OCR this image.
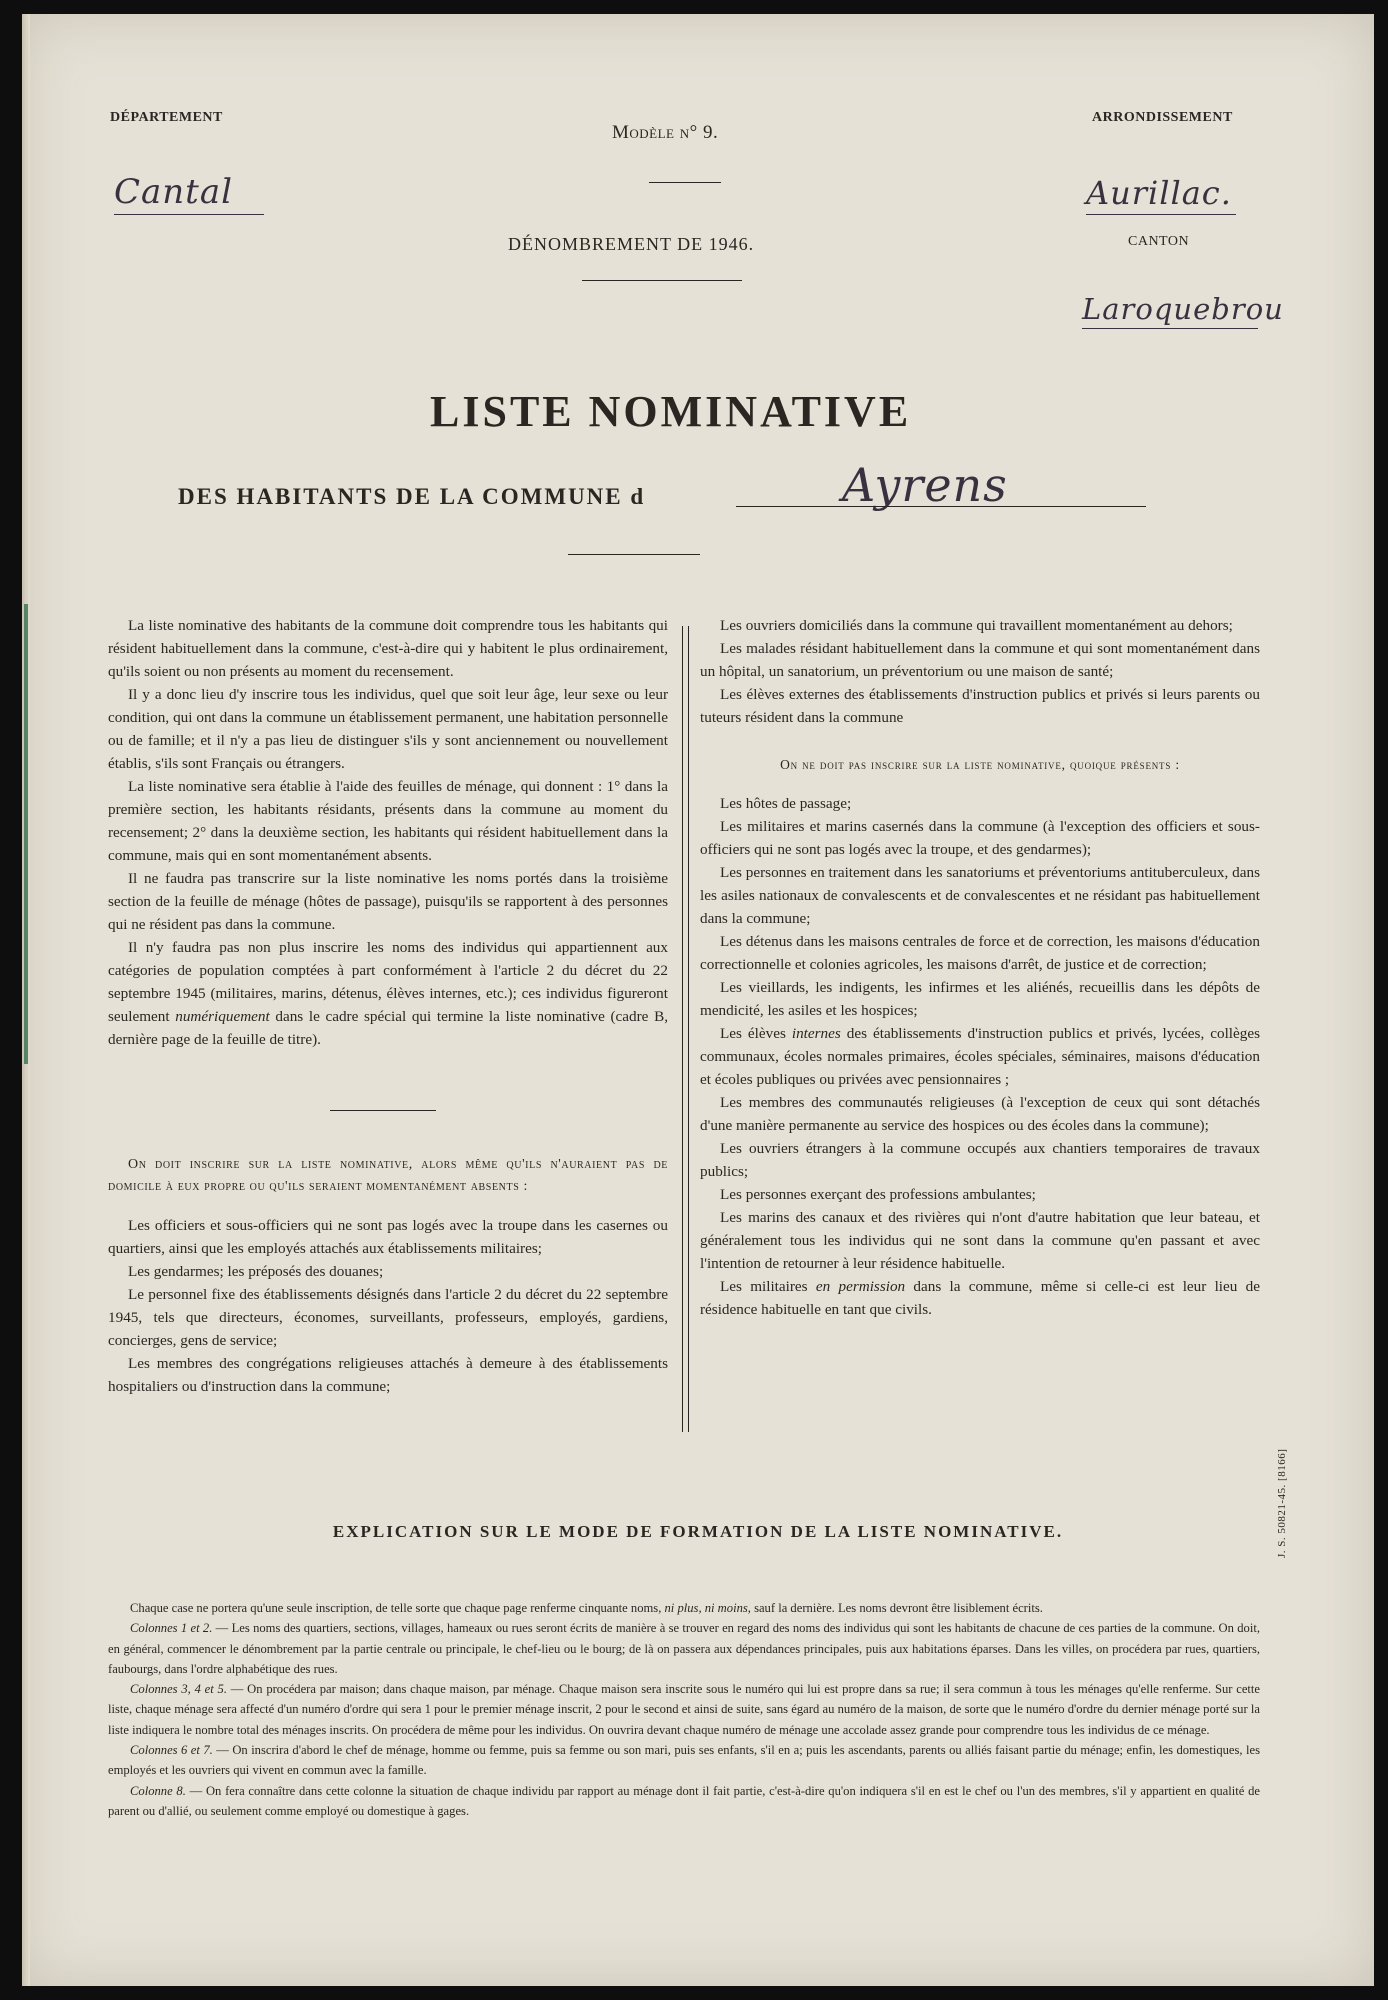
DÉPARTEMENT
Cantal
Modèle n° 9.
ARRONDISSEMENT
Aurillac.
DÉNOMBREMENT DE 1946.	CANTON
Laroquebrou
LISTE NOMINATIVE
DES HABITANTS DE LA COMMUNE d	Ayrens

La liste nominative des habitants de la commune doit comprendre tous les habitants qui résident habituellement dans la commune, c'est-à-dire qui y habitent le plus ordinairement, qu'ils soient ou non présents au moment du recensement.

Il y a donc lieu d'y inscrire tous les individus, quel que soit leur âge, leur sexe ou leur condition, qui ont dans la commune un établissement permanent, une habitation personnelle ou de famille; et il n'y a pas lieu de distinguer s'ils y sont anciennement ou nouvellement établis, s'ils sont Français ou étrangers.

La liste nominative sera établie à l'aide des feuilles de ménage, qui donnent : 1° dans la première section, les habitants résidants, présents dans la commune au moment du recensement; 2° dans la deuxième section, les habitants qui résident habituellement dans la commune, mais qui en sont momentanément absents.

Il ne faudra pas transcrire sur la liste nominative les noms portés dans la troisième section de la feuille de ménage (hôtes de passage), puisqu'ils se rapportent à des personnes qui ne résident pas dans la commune.

Il n'y faudra pas non plus inscrire les noms des individus qui appartiennent aux catégories de population comptées à part conformément à l'article 2 du décret du 22 septembre 1945 (militaires, marins, détenus, élèves internes, etc.); ces individus figureront seulement numériquement dans le cadre spécial qui termine la liste nominative (cadre B, dernière page de la feuille de titre).

On doit inscrire sur la liste nominative, alors même qu'ils n'auraient pas de domicile à eux propre ou qu'ils seraient momentanément absents :

Les officiers et sous-officiers qui ne sont pas logés avec la troupe dans les casernes ou quartiers, ainsi que les employés attachés aux établissements militaires;

Les gendarmes; les préposés des douanes;

Le personnel fixe des établissements désignés dans l'article 2 du décret du 22 septembre 1945, tels que directeurs, économes, surveillants, professeurs, employés, gardiens, concierges, gens de service;

Les membres des congrégations religieuses attachés à demeure à des établissements hospitaliers ou d'instruction dans la commune;

Les ouvriers domiciliés dans la commune qui travaillent momentanément au dehors;

Les malades résidant habituellement dans la commune et qui sont momentanément dans un hôpital, un sanatorium, un préventorium ou une maison de santé;

Les élèves externes des établissements d'instruction publics et privés si leurs parents ou tuteurs résident dans la commune

On ne doit pas inscrire sur la liste nominative, quoique présents :

Les hôtes de passage;

Les militaires et marins casernés dans la commune (à l'exception des officiers et sous-officiers qui ne sont pas logés avec la troupe, et des gendarmes);

Les personnes en traitement dans les sanatoriums et préventoriums antituberculeux, dans les asiles nationaux de convalescents et de convalescentes et ne résidant pas habituellement dans la commune;

Les détenus dans les maisons centrales de force et de correction, les maisons d'éducation correctionnelle et colonies agricoles, les maisons d'arrêt, de justice et de correction;

Les vieillards, les indigents, les infirmes et les aliénés, recueillis dans les dépôts de mendicité, les asiles et les hospices;

Les élèves internes des établissements d'instruction publics et privés, lycées, collèges communaux, écoles normales primaires, écoles spéciales, séminaires, maisons d'éducation et écoles publiques ou privées avec pensionnaires ;

Les membres des communautés religieuses (à l'exception de ceux qui sont détachés d'une manière permanente au service des hospices ou des écoles dans la commune);

Les ouvriers étrangers à la commune occupés aux chantiers temporaires de travaux publics;

Les personnes exerçant des professions ambulantes;

Les marins des canaux et des rivières qui n'ont d'autre habitation que leur bateau, et généralement tous les individus qui ne sont dans la commune qu'en passant et avec l'intention de retourner à leur résidence habituelle.

Les militaires en permission dans la commune, même si celle-ci est leur lieu de résidence habituelle en tant que civils.

EXPLICATION SUR LE MODE DE FORMATION DE LA LISTE NOMINATIVE.

Chaque case ne portera qu'une seule inscription, de telle sorte que chaque page renferme cinquante noms, ni plus, ni moins, sauf la dernière. Les noms devront être lisiblement écrits.

Colonnes 1 et 2. — Les noms des quartiers, sections, villages, hameaux ou rues seront écrits de manière à se trouver en regard des noms des individus qui sont les habitants de chacune de ces parties de la commune. On doit, en général, commencer le dénombrement par la partie centrale ou principale, le chef-lieu ou le bourg; de là on passera aux dépendances principales, puis aux habitations éparses. Dans les villes, on procédera par rues, quartiers, faubourgs, dans l'ordre alphabétique des rues.

Colonnes 3, 4 et 5. — On procédera par maison; dans chaque maison, par ménage. Chaque maison sera inscrite sous le numéro qui lui est propre dans sa rue; il sera commun à tous les ménages qu'elle renferme. Sur cette liste, chaque ménage sera affecté d'un numéro d'ordre qui sera 1 pour le premier ménage inscrit, 2 pour le second et ainsi de suite, sans égard au numéro de la maison, de sorte que le numéro d'ordre du dernier ménage porté sur la liste indiquera le nombre total des ménages inscrits. On procédera de même pour les individus. On ouvrira devant chaque numéro de ménage une accolade assez grande pour comprendre tous les individus de ce ménage.

Colonnes 6 et 7. — On inscrira d'abord le chef de ménage, homme ou femme, puis sa femme ou son mari, puis ses enfants, s'il en a; puis les ascendants, parents ou alliés faisant partie du ménage; enfin, les domestiques, les employés et les ouvriers qui vivent en commun avec la famille.

Colonne 8. — On fera connaître dans cette colonne la situation de chaque individu par rapport au ménage dont il fait partie, c'est-à-dire qu'on indiquera s'il en est le chef ou l'un des membres, s'il y appartient en qualité de parent ou d'allié, ou seulement comme employé ou domestique à gages.

J. S. 50821-45. [8166]
